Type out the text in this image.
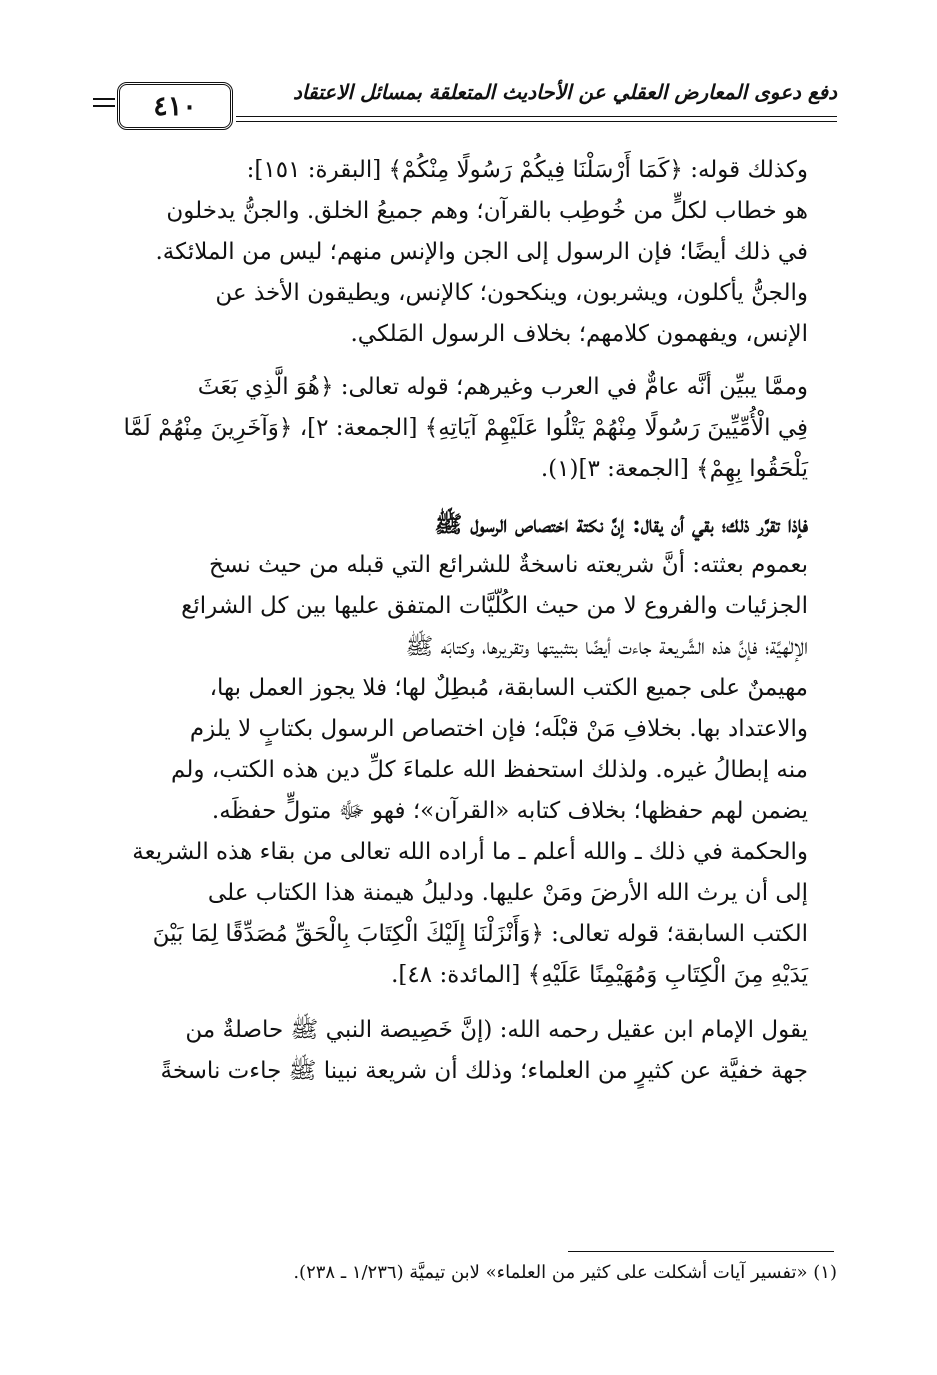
٤١٠	دفع دعوى المعارض العقلي عن الأحاديث المتعلقة بمسائل الاعتقاد
وكذلك قوله: ﴿كَمَا أَرْسَلْنَا فِيكُمْ رَسُولًا مِنْكُمْ﴾ [البقرة: ١٥١]:
هو خطاب لكلٍّ من خُوطِب بالقرآن؛ وهم جميعُ الخلق. والجنُّ يدخلون
في ذلك أيضًا؛ فإن الرسول إلى الجن والإنس منهم؛ ليس من الملائكة.
والجنُّ يأكلون، ويشربون، وينكحون؛ كالإنس، ويطيقون الأخذ عن
الإنس، ويفهمون كلامهم؛ بخلاف الرسول المَلكي.
وممَّا يبيِّن أنَّه عامٌّ في العرب وغيرهم؛ قوله تعالى: ﴿هُوَ الَّذِي بَعَثَ
فِي الْأُمِّيِّينَ رَسُولًا مِنْهُمْ يَتْلُوا عَلَيْهِمْ آيَاتِهِ﴾ [الجمعة: ٢]، ﴿وَآخَرِينَ مِنْهُمْ لَمَّا
يَلْحَقُوا بِهِمْ﴾ [الجمعة: ٣](١).
فإذا تقرَّر ذلك؛ بقي أن يقال: إنَّ نكتة اختصاص الرسول ﷺ
بعموم بعثته: أنَّ شريعته ناسخةٌ للشرائع التي قبله من حيث نسخ
الجزئيات والفروع لا من حيث الكُلّيَّات المتفق عليها بين كل الشرائع
الإلٰهيَّة؛ فإنَّ هذه الشَّريعة جاءت أيضًا بتثبيتها وتقريرها، وكتابَه ﷺ
مهيمنٌ على جميع الكتب السابقة، مُبطِلٌ لها؛ فلا يجوز العمل بها،
والاعتداد بها. بخلافِ مَنْ قبْلَه؛ فإن اختصاص الرسول بكتابٍ لا يلزم
منه إبطالُ غيره. ولذلك استحفظ الله علماءَ كلِّ دين هذه الكتب، ولم
يضمن لهم حفظها؛ بخلاف كتابه «القرآن»؛ فهو ﷻ متولٍّ حفظَه.
والحكمة في ذلك ـ والله أعلم ـ ما أراده الله تعالى من بقاء هذه الشريعة
إلى أن يرث الله الأرضَ ومَنْ عليها. ودليلُ هيمنة هذا الكتاب على
الكتب السابقة؛ قوله تعالى: ﴿وَأَنْزَلْنَا إِلَيْكَ الْكِتَابَ بِالْحَقِّ مُصَدِّقًا لِمَا بَيْنَ
يَدَيْهِ مِنَ الْكِتَابِ وَمُهَيْمِنًا عَلَيْهِ﴾ [المائدة: ٤٨].
يقول الإمام ابن عقيل رحمه الله: (إنَّ خَصِيصة النبي ﷺ حاصلةٌ من
جهة خفيَّة عن كثيرٍ من العلماء؛ وذلك أن شريعة نبينا ﷺ جاءت ناسخةً
(١) «تفسير آيات أشكلت على كثير من العلماء» لابن تيميَّة (١/٢٣٦ ـ ٢٣٨).
